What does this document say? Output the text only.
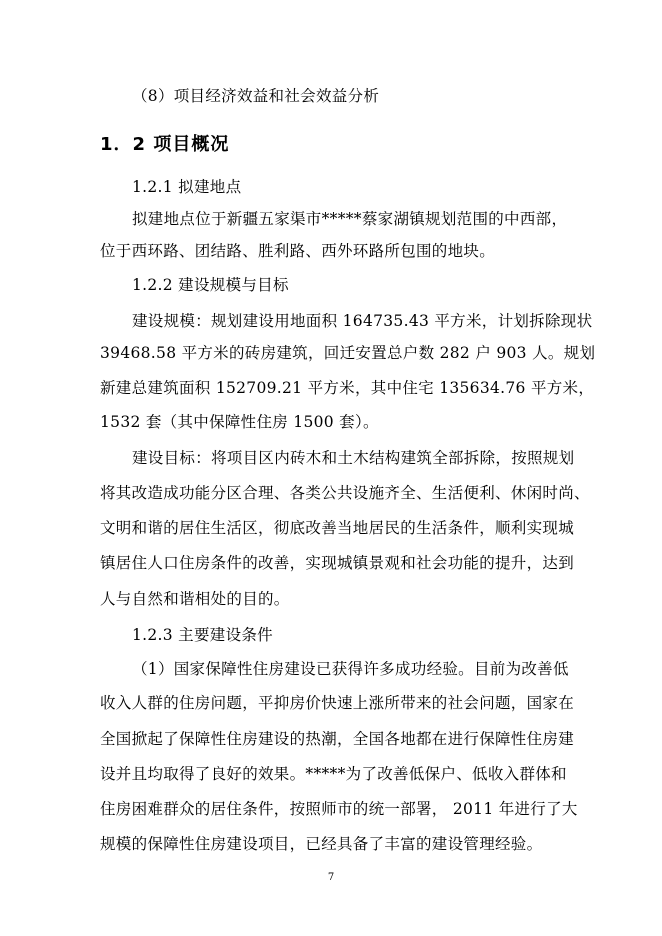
（8）项目经济效益和社会效益分析
1．2 项目概况
1.2.1 拟建地点
拟建地点位于新疆五家渠市*****蔡家湖镇规划范围的中西部，
位于西环路、团结路、胜利路、西外环路所包围的地块。
1.2.2 建设规模与目标
建设规模：规划建设用地面积 164735.43 平方米，计划拆除现状
39468.58 平方米的砖房建筑，回迁安置总户数 282 户 903 人。规划
新建总建筑面积 152709.21 平方米，其中住宅 135634.76 平方米，
1532 套（其中保障性住房 1500 套）。
建设目标：将项目区内砖木和土木结构建筑全部拆除，按照规划
将其改造成功能分区合理、各类公共设施齐全、生活便利、休闲时尚、
文明和谐的居住生活区，彻底改善当地居民的生活条件，顺利实现城
镇居住人口住房条件的改善，实现城镇景观和社会功能的提升，达到
人与自然和谐相处的目的。
1.2.3 主要建设条件
（1）国家保障性住房建设已获得许多成功经验。目前为改善低
收入人群的住房问题，平抑房价快速上涨所带来的社会问题，国家在
全国掀起了保障性住房建设的热潮，全国各地都在进行保障性住房建
设并且均取得了良好的效果。*****为了改善低保户、低收入群体和
住房困难群众的居住条件，按照师市的统一部署， 2011 年进行了大
规模的保障性住房建设项目，已经具备了丰富的建设管理经验。
7
